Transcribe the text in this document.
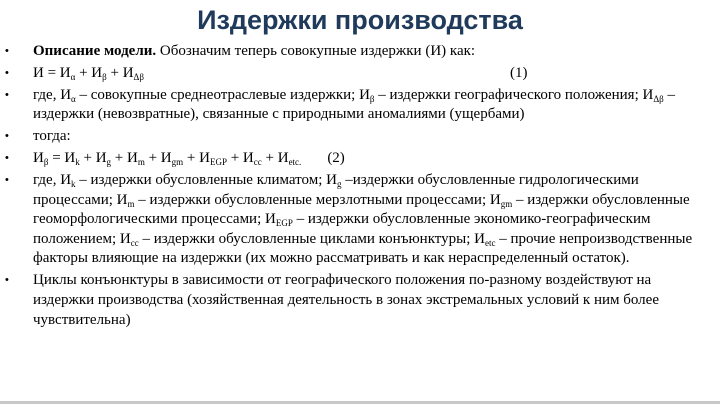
Издержки производства
• Описание модели. Обозначим теперь совокупные издержки (И) как:
• $И = И_\alpha + И_\beta + И_{\Delta\beta}$	(1)
• где, $И_\alpha$ – совокупные среднеотраслевые издержки; $И_\beta$ – издержки географического положения; $И_{\Delta\beta}$ – издержки (невозвратные), связанные с природными аномалиями (ущербами)
• тогда:
• $И_\beta = И_k + И_g + И_m + И_{gm} + И_{EGP} + И_{cc} + И_{etc.}$ (2)
• где, $И_k$ – издержки обусловленные климатом; $И_g$ –издержки обусловленные гидрологическими процессами; $И_m$ – издержки обусловленные мерзлотными процессами; $И_{gm}$ – издержки обусловленные геоморфологическими процессами; $И_{EGP}$ – издержки обусловленные экономико-географическим положением; $И_{cc}$ – издержки обусловленные циклами конъюнктуры; $И_{etc}$ – прочие непроизводственные факторы влияющие на издержки (их можно рассматривать и как нераспределенный остаток).
• Циклы конъюнктуры в зависимости от географического положения по-разному воздействуют на издержки производства (хозяйственная деятельность в зонах экстремальных условий к ним более чувствительна)
